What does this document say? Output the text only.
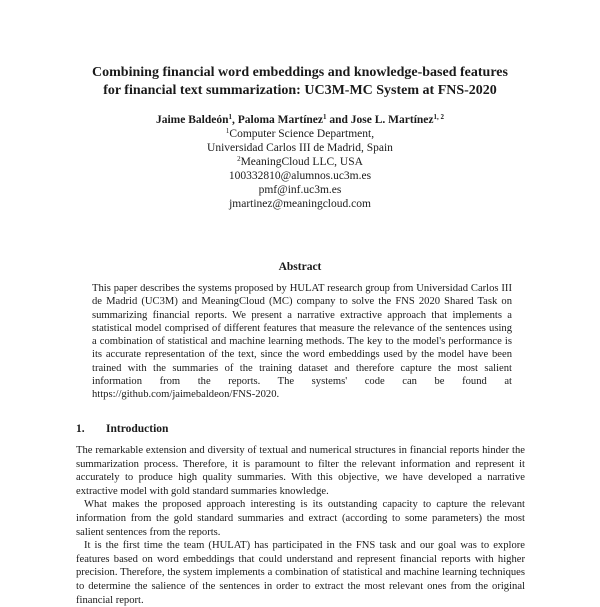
Combining financial word embeddings and knowledge-based features
for financial text summarization: UC3M-MC System at FNS-2020
Jaime Baldeón$^1$, Paloma Martínez$^1$ and Jose L. Martínez$^{1, 2}$
$^1$Computer Science Department,
Universidad Carlos III de Madrid, Spain
$^2$MeaningCloud LLC, USA
100332810@alumnos.uc3m.es
pmf@inf.uc3m.es
jmartinez@meaningcloud.com
Abstract

This paper describes the systems proposed by HULAT research group from Universidad Carlos III de Madrid (UC3M) and MeaningCloud (MC) company to solve the FNS 2020 Shared Task on summarizing financial reports. We present a narrative extractive approach that implements a statistical model comprised of different features that measure the relevance of the sentences using a combination of statistical and machine learning methods. The key to the model's performance is its accurate representation of the text, since the word embeddings used by the model have been trained with the summaries of the training dataset and therefore capture the most salient information from the reports. The systems' code can be found at https://github.com/jaimebaldeon/FNS-2020.

1. Introduction

The remarkable extension and diversity of textual and numerical structures in financial reports hinder the summarization process. Therefore, it is paramount to filter the relevant information and represent it accurately to produce high quality summaries. With this objective, we have developed a narrative extractive model with gold standard summaries knowledge.

What makes the proposed approach interesting is its outstanding capacity to capture the relevant information from the gold standard summaries and extract (according to some parameters) the most salient sentences from the reports.

It is the first time the team (HULAT) has participated in the FNS task and our goal was to explore features based on word embeddings that could understand and represent financial reports with higher precision. Therefore, the system implements a combination of statistical and machine learning techniques to determine the salience of the sentences in order to extract the most relevant ones from the original financial report.
